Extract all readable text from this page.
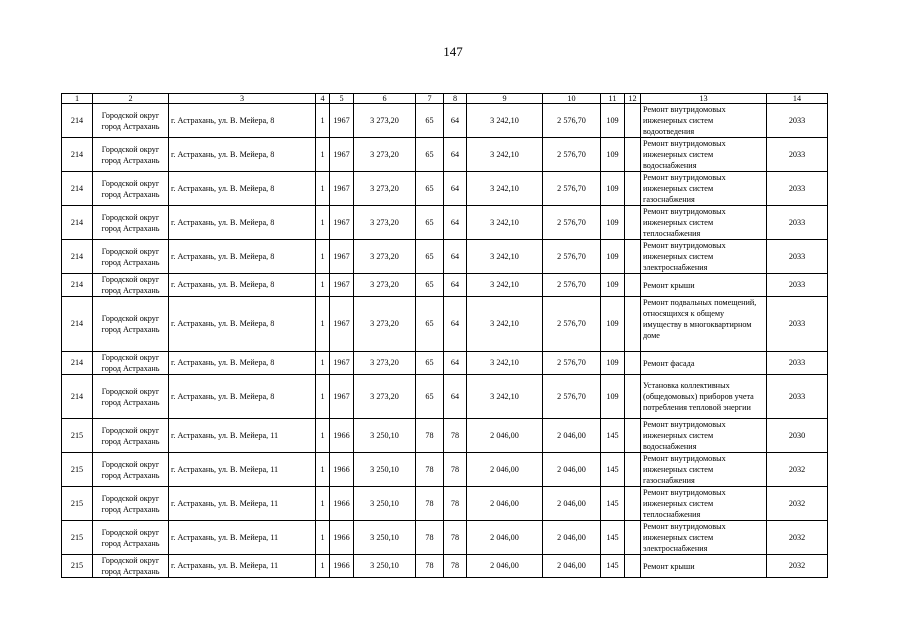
147
1	2	3	4	5	6	7	8	9	10	11	12	13	14
214	Городской округ город Астрахань	г. Астрахань, ул. В. Мейера, 8	1	1967	3 273,20	65	64	3 242,10	2 576,70	109		Ремонт внутридомовых инженерных систем водоотведения	2033
214	Городской округ город Астрахань	г. Астрахань, ул. В. Мейера, 8	1	1967	3 273,20	65	64	3 242,10	2 576,70	109		Ремонт внутридомовых инженерных систем водоснабжения	2033
214	Городской округ город Астрахань	г. Астрахань, ул. В. Мейера, 8	1	1967	3 273,20	65	64	3 242,10	2 576,70	109		Ремонт внутридомовых инженерных систем газоснабжения	2033
214	Городской округ город Астрахань	г. Астрахань, ул. В. Мейера, 8	1	1967	3 273,20	65	64	3 242,10	2 576,70	109		Ремонт внутридомовых инженерных систем теплоснабжения	2033
214	Городской округ город Астрахань	г. Астрахань, ул. В. Мейера, 8	1	1967	3 273,20	65	64	3 242,10	2 576,70	109		Ремонт внутридомовых инженерных систем электроснабжения	2033
214	Городской округ город Астрахань	г. Астрахань, ул. В. Мейера, 8	1	1967	3 273,20	65	64	3 242,10	2 576,70	109		Ремонт крыши	2033
214	Городской округ город Астрахань	г. Астрахань, ул. В. Мейера, 8	1	1967	3 273,20	65	64	3 242,10	2 576,70	109		Ремонт подвальных помещений, относящихся к общему имуществу в многоквартирном доме	2033
214	Городской округ город Астрахань	г. Астрахань, ул. В. Мейера, 8	1	1967	3 273,20	65	64	3 242,10	2 576,70	109		Ремонт фасада	2033
214	Городской округ город Астрахань	г. Астрахань, ул. В. Мейера, 8	1	1967	3 273,20	65	64	3 242,10	2 576,70	109		Установка коллективных (общедомовых) приборов учета потребления тепловой энергии	2033
215	Городской округ город Астрахань	г. Астрахань, ул. В. Мейера, 11	1	1966	3 250,10	78	78	2 046,00	2 046,00	145		Ремонт внутридомовых инженерных систем водоснабжения	2030
215	Городской округ город Астрахань	г. Астрахань, ул. В. Мейера, 11	1	1966	3 250,10	78	78	2 046,00	2 046,00	145		Ремонт внутридомовых инженерных систем газоснабжения	2032
215	Городской округ город Астрахань	г. Астрахань, ул. В. Мейера, 11	1	1966	3 250,10	78	78	2 046,00	2 046,00	145		Ремонт внутридомовых инженерных систем теплоснабжения	2032
215	Городской округ город Астрахань	г. Астрахань, ул. В. Мейера, 11	1	1966	3 250,10	78	78	2 046,00	2 046,00	145		Ремонт внутридомовых инженерных систем электроснабжения	2032
215	Городской округ город Астрахань	г. Астрахань, ул. В. Мейера, 11	1	1966	3 250,10	78	78	2 046,00	2 046,00	145		Ремонт крыши	2032
